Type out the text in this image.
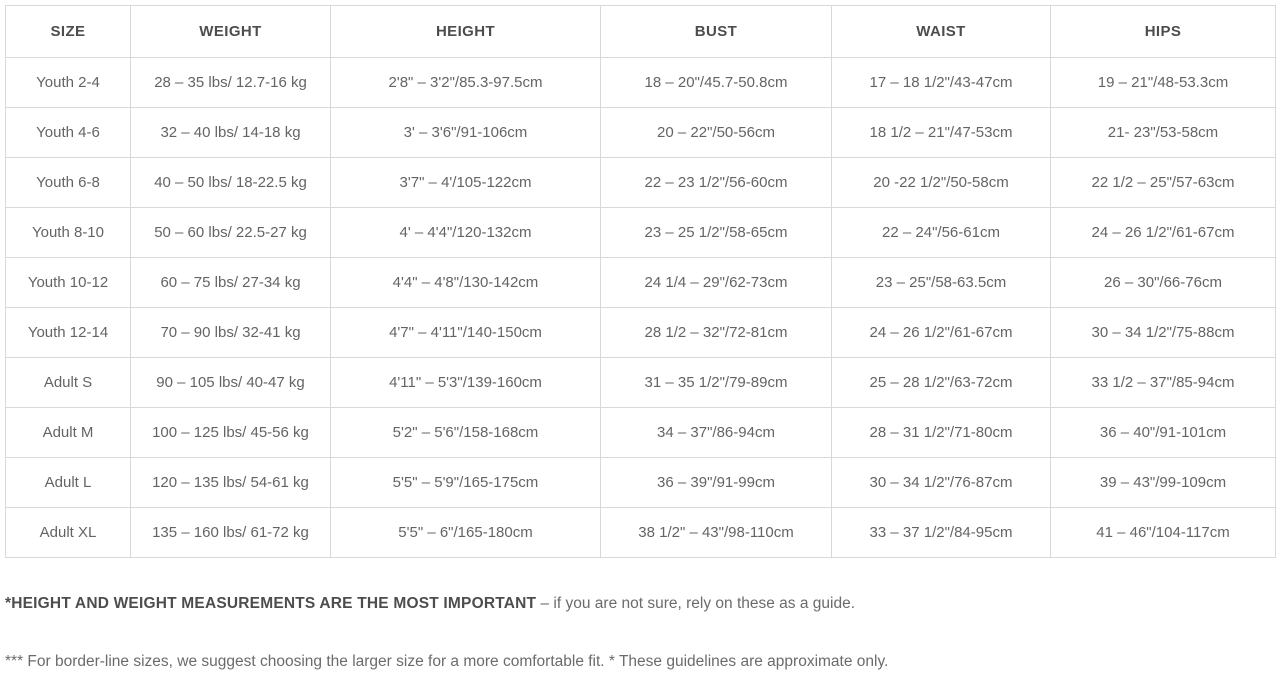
SIZE	WEIGHT	HEIGHT	BUST	WAIST	HIPS
Youth 2-4	28 – 35 lbs/ 12.7-16 kg	2'8" – 3'2"/85.3-97.5cm	18 – 20"/45.7-50.8cm	17 – 18 1/2"/43-47cm	19 – 21"/48-53.3cm
Youth 4-6	32 – 40 lbs/ 14-18 kg	3' – 3'6"/91-106cm	20 – 22"/50-56cm	18 1/2 – 21"/47-53cm	21- 23"/53-58cm
Youth 6-8	40 – 50 lbs/ 18-22.5 kg	3'7" – 4'/105-122cm	22 – 23 1/2"/56-60cm	20 -22 1/2"/50-58cm	22 1/2 – 25"/57-63cm
Youth 8-10	50 – 60 lbs/ 22.5-27 kg	4' – 4'4"/120-132cm	23 – 25 1/2"/58-65cm	22 – 24"/56-61cm	24 – 26 1/2"/61-67cm
Youth 10-12	60 – 75 lbs/ 27-34 kg	4'4" – 4'8"/130-142cm	24 1/4 – 29"/62-73cm	23 – 25"/58-63.5cm	26 – 30"/66-76cm
Youth 12-14	70 – 90 lbs/ 32-41 kg	4'7" – 4'11"/140-150cm	28 1/2 – 32"/72-81cm	24 – 26 1/2"/61-67cm	30 – 34 1/2"/75-88cm
Adult S	90 – 105 lbs/ 40-47 kg	4'11" – 5'3"/139-160cm	31 – 35 1/2"/79-89cm	25 – 28 1/2"/63-72cm	33 1/2 – 37"/85-94cm
Adult M	100 – 125 lbs/ 45-56 kg	5'2" – 5'6"/158-168cm	34 – 37"/86-94cm	28 – 31 1/2"/71-80cm	36 – 40"/91-101cm
Adult L	120 – 135 lbs/ 54-61 kg	5'5" – 5'9"/165-175cm	36 – 39"/91-99cm	30 – 34 1/2"/76-87cm	39 – 43"/99-109cm
Adult XL	135 – 160 lbs/ 61-72 kg	5'5" – 6"/165-180cm	38 1/2" – 43"/98-110cm	33 – 37 1/2"/84-95cm	41 – 46"/104-117cm

*HEIGHT AND WEIGHT MEASUREMENTS ARE THE MOST IMPORTANT – if you are not sure, rely on these as a guide.

*** For border-line sizes, we suggest choosing the larger size for a more comfortable fit. * These guidelines are approximate only.
